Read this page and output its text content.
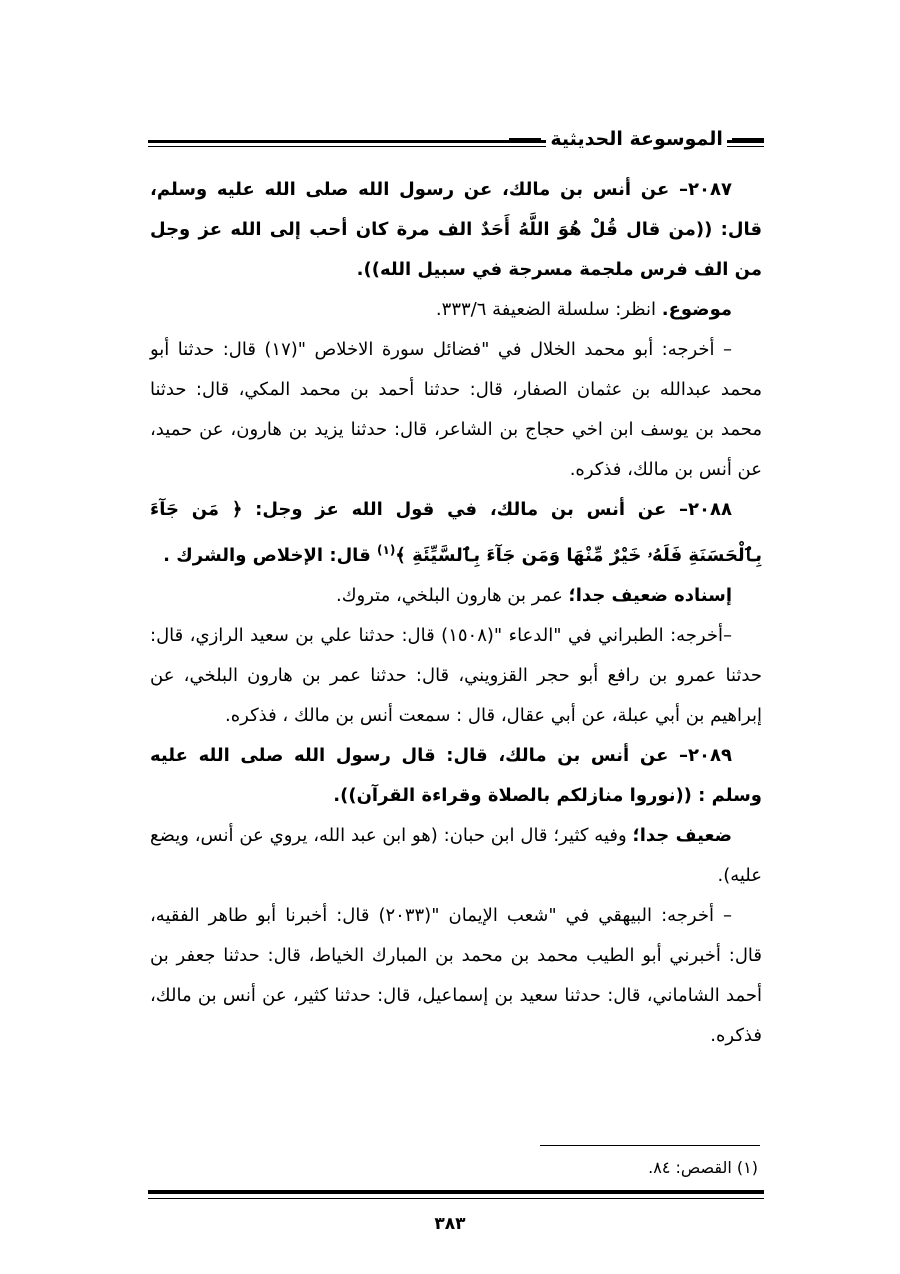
الموسوعة الحديثية

٢٠٨٧– عن أنس بن مالك، عن رسول الله صلى الله عليه وسلم، قال: ((من قال قُلْ هُوَ اللَّهُ أَحَدٌ الف مرة كان أحب إلى الله عز وجل من الف فرس ملجمة مسرجة في سبيل الله)).

موضوع. انظر: سلسلة الضعيفة ٣٣٣/٦.

– أخرجه: أبو محمد الخلال في "فضائل سورة الاخلاص "(١٧) قال: حدثنا أبو محمد عبدالله بن عثمان الصفار، قال: حدثنا أحمد بن محمد المكي، قال: حدثنا محمد بن يوسف ابن اخي حجاج بن الشاعر، قال: حدثنا يزيد بن هارون، عن حميد، عن أنس بن مالك، فذكره.

٢٠٨٨– عن أنس بن مالك، في قول الله عز وجل: ﴿ مَن جَآءَ بِٱلْحَسَنَةِ فَلَهُۥ خَيْرٌ مِّنْهَا وَمَن جَآءَ بِٱلسَّيِّئَةِ ﴾$^{(١)}$ قال: الإخلاص والشرك .

إسناده ضعيف جدا؛ عمر بن هارون البلخي، متروك.

–أخرجه: الطبراني في "الدعاء "(١٥٠٨) قال: حدثنا علي بن سعيد الرازي، قال: حدثنا عمرو بن رافع أبو حجر القزويني، قال: حدثنا عمر بن هارون البلخي، عن إبراهيم بن أبي عبلة، عن أبي عقال، قال : سمعت أنس بن مالك ، فذكره.

٢٠٨٩– عن أنس بن مالك، قال: قال رسول الله صلى الله عليه وسلم : ((نوروا منازلكم بالصلاة وقراءة القرآن)).

ضعيف جدا؛ وفيه كثير؛ قال ابن حبان: (هو ابن عبد الله، يروي عن أنس، ويضع عليه).

– أخرجه: البيهقي في "شعب الإيمان "(٢٠٣٣) قال: أخبرنا أبو طاهر الفقيه، قال: أخبرني أبو الطيب محمد بن محمد بن المبارك الخياط، قال: حدثنا جعفر بن أحمد الشاماني، قال: حدثنا سعيد بن إسماعيل، قال: حدثنا كثير، عن أنس بن مالك، فذكره.

(١) القصص: ٨٤.
٣٨٣
